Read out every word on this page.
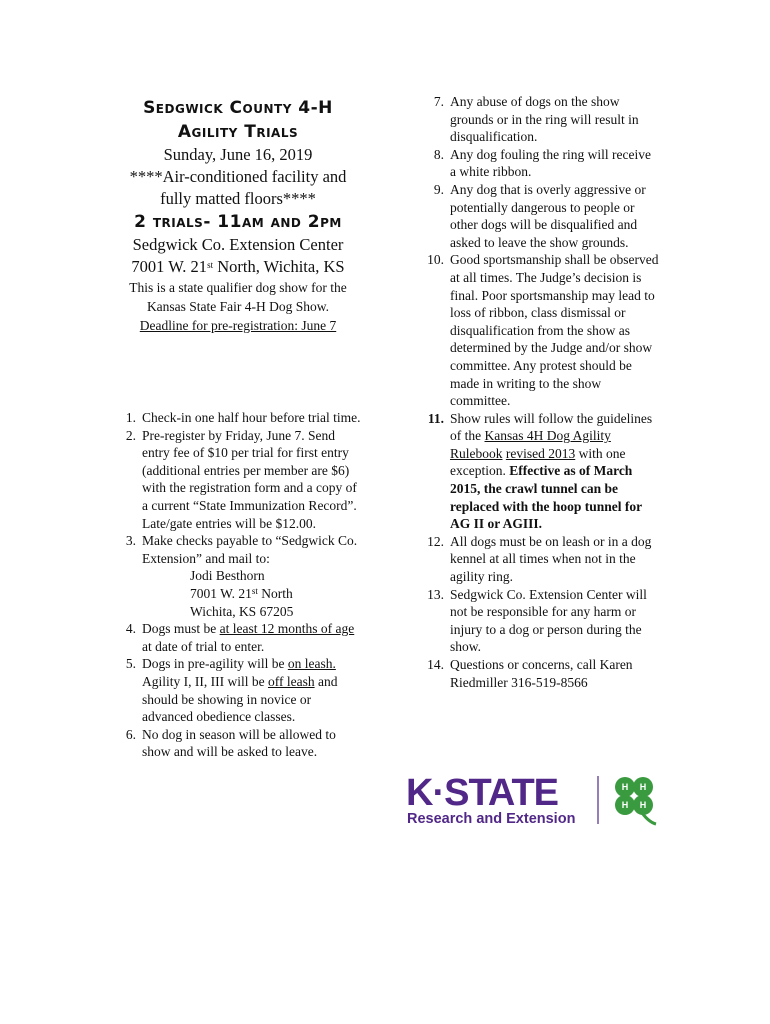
Sedgwick County 4-H
Agility Trials
Sunday, June 16, 2019
****Air-conditioned facility and
fully matted floors****
2 trials- 11am and 2pm
Sedgwick Co. Extension Center
7001 W. 21st North, Wichita, KS
This is a state qualifier dog show for the
Kansas State Fair 4-H Dog Show.
Deadline for pre-registration: June 7
1. Check-in one half hour before trial time.
2. Pre-register by Friday, June 7. Send entry fee of $10 per trial for first entry (additional entries per member are $6) with the registration form and a copy of a current “State Immunization Record”. Late/gate entries will be $12.00.
3. Make checks payable to “Sedgwick Co. Extension” and mail to:
Jodi Besthorn
7001 W. 21st North
Wichita, KS 67205
4. Dogs must be at least 12 months of age at date of trial to enter.
5. Dogs in pre-agility will be on leash. Agility I, II, III will be off leash and should be showing in novice or advanced obedience classes.
6. No dog in season will be allowed to show and will be asked to leave.
7. Any abuse of dogs on the show grounds or in the ring will result in disqualification.
8. Any dog fouling the ring will receive a white ribbon.
9. Any dog that is overly aggressive or potentially dangerous to people or other dogs will be disqualified and asked to leave the show grounds.
10. Good sportsmanship shall be observed at all times. The Judge’s decision is final. Poor sportsmanship may lead to loss of ribbon, class dismissal or disqualification from the show as determined by the Judge and/or show committee. Any protest should be made in writing to the show committee.
11. Show rules will follow the guidelines of the Kansas 4H Dog Agility Rulebook revised 2013 with one exception. Effective as of March 2015, the crawl tunnel can be replaced with the hoop tunnel for AG II or AGIII.
12. All dogs must be on leash or in a dog kennel at all times when not in the agility ring.
13. Sedgwick Co. Extension Center will not be responsible for any harm or injury to a dog or person during the show.
14. Questions or concerns, call Karen Riedmiller 316-519-8566
K·STATE
Research and Extension
H H
H H
